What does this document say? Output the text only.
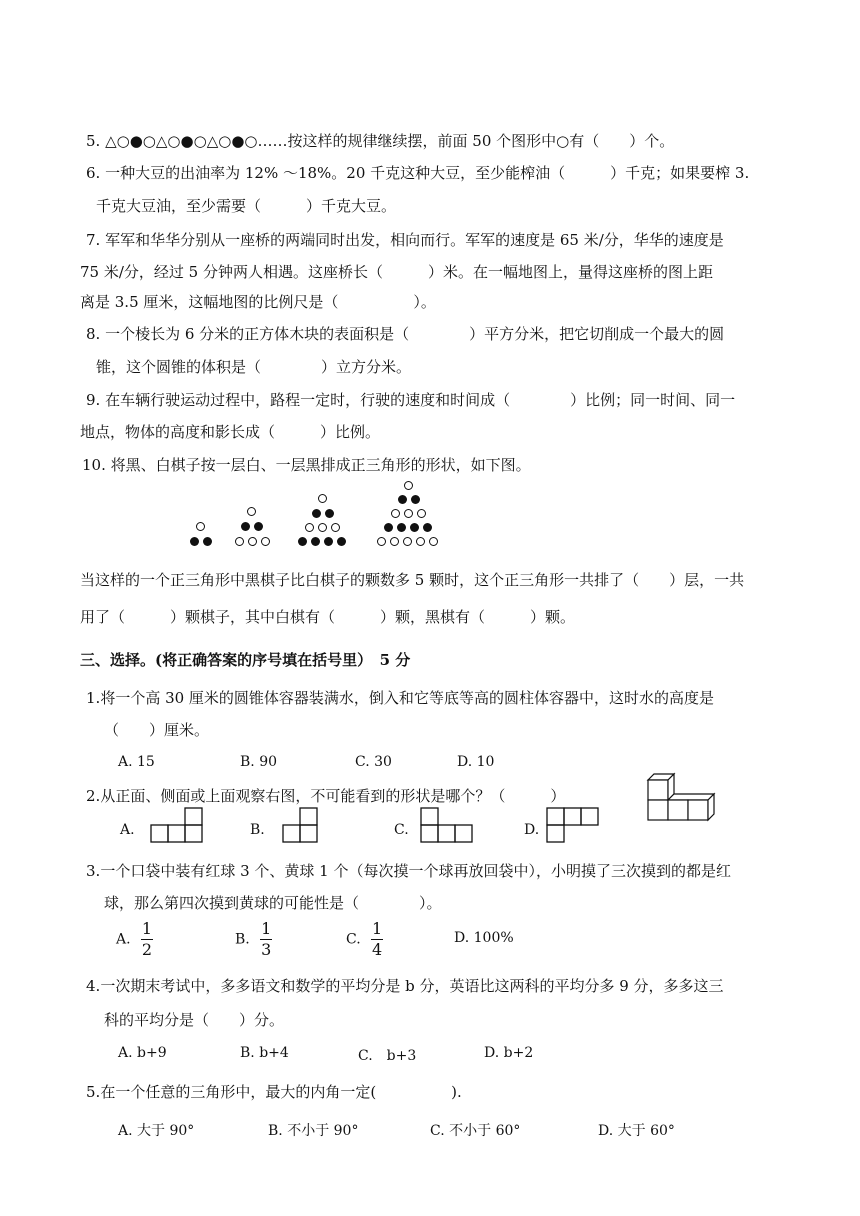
5. △○●○△○●○△○●○……按这样的规律继续摆，前面 50 个图形中○有（　　）个。
6. 一种大豆的出油率为 12% ～18%。20 千克这种大豆，至少能榨油（　　　）千克；如果要榨 3.
千克大豆油，至少需要（　　　）千克大豆。
7. 军军和华华分别从一座桥的两端同时出发，相向而行。军军的速度是 65 米/分，华华的速度是
75 米/分，经过 5 分钟两人相遇。这座桥长（　　　）米。在一幅地图上，量得这座桥的图上距
离是 3.5 厘米，这幅地图的比例尺是（　　　　　）。
8. 一个棱长为 6 分米的正方体木块的表面积是（　　　　）平方分米，把它切削成一个最大的圆
锥，这个圆锥的体积是（　　　　）立方分米。
9. 在车辆行驶运动过程中，路程一定时，行驶的速度和时间成（　　　　）比例；同一时间、同一
地点，物体的高度和影长成（　　　）比例。
10. 将黑、白棋子按一层白、一层黑排成正三角形的形状，如下图。
当这样的一个正三角形中黑棋子比白棋子的颗数多 5 颗时，这个正三角形一共排了（　　）层，一共
用了（　　　）颗棋子，其中白棋有（　　　）颗，黑棋有（　　　）颗。
三、选择。(将正确答案的序号填在括号里）　5 分
1.将一个高 30 厘米的圆锥体容器装满水，倒入和它等底等高的圆柱体容器中，这时水的高度是
（　　）厘米。
A. 15	B. 90	C. 30	D. 10
2.从正面、侧面或上面观察右图，不可能看到的形状是哪个？（　　　）
A.	B.	C.	D.
3.一个口袋中装有红球 3 个、黄球 1 个（每次摸一个球再放回袋中），小明摸了三次摸到的都是红
球，那么第四次摸到黄球的可能性是（　　　　）。
A. $\frac{1}{2}$	B. $\frac{1}{3}$	C. $\frac{1}{4}$	D. 100%
4.一次期末考试中，多多语文和数学的平均分是 b 分，英语比这两科的平均分多 9 分，多多这三
科的平均分是（　　）分。
A. b+9	B. b+4	C.　b+3	D. b+2
5.在一个任意的三角形中，最大的内角一定(　　　　　).
A. 大于 90°	B. 不小于 90°	C. 不小于 60°	D. 大于 60°
